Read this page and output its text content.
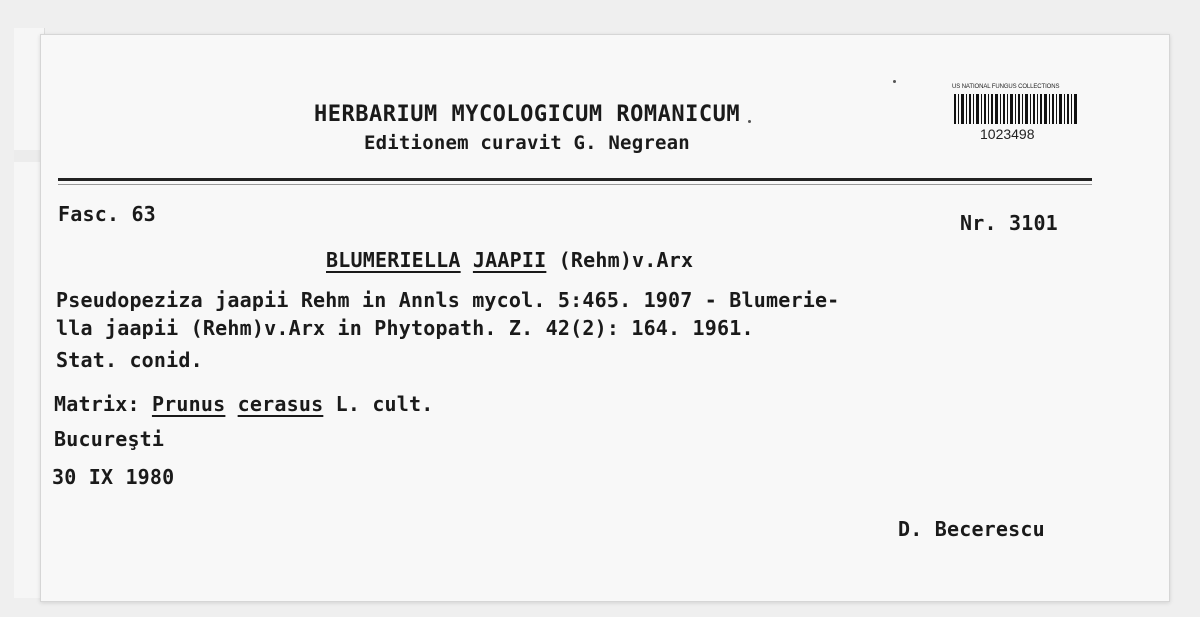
HERBARIUM MYCOLOGICUM ROMANICUM
Editionem curavit G. Negrean
US NATIONAL FUNGUS COLLECTIONS
1023498
Fasc. 63	Nr. 3101
BLUMERIELLA JAAPII (Rehm)v.Arx
Pseudopeziza jaapii Rehm in Annls mycol. 5:465. 1907 - Blumerie-
lla jaapii (Rehm)v.Arx in Phytopath. Z. 42(2): 164. 1961.
Stat. conid.
Matrix: Prunus cerasus L. cult.
Bucureşti
30 IX 1980
D. Becerescu
